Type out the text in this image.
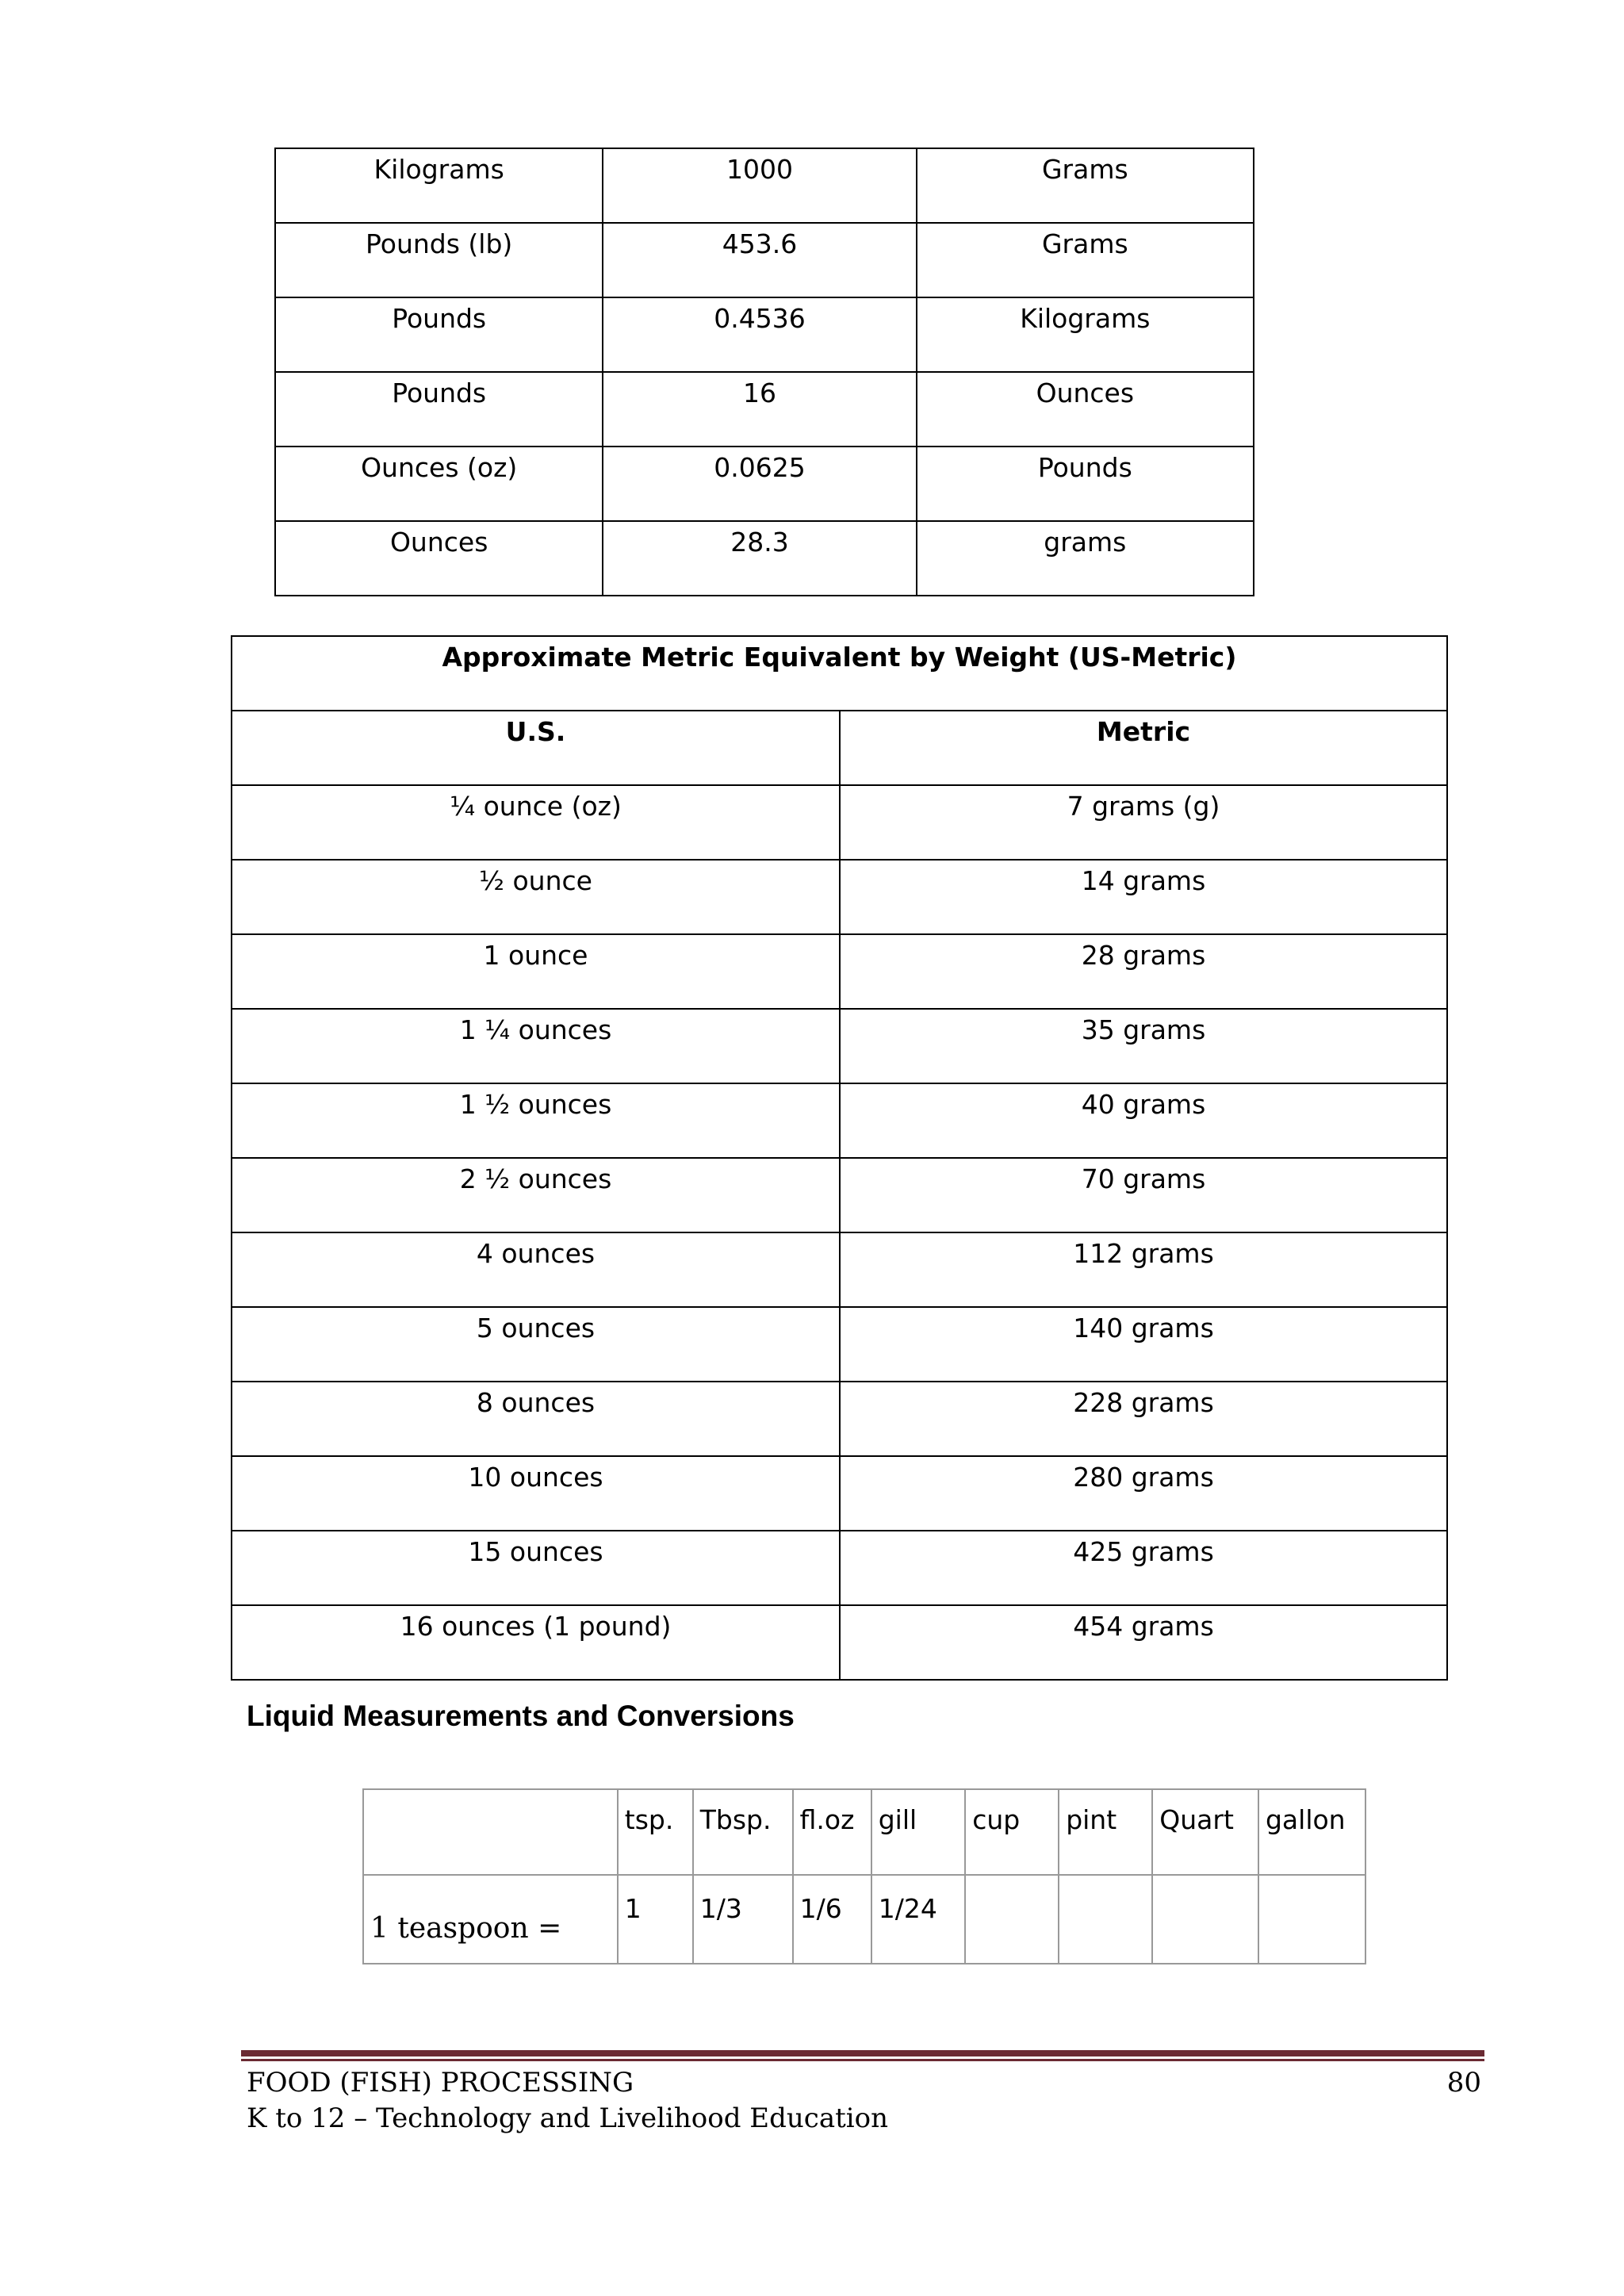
Kilograms	1000	Grams
Pounds (lb)	453.6	Grams
Pounds	0.4536	Kilograms
Pounds	16	Ounces
Ounces (oz)	0.0625	Pounds
Ounces	28.3	grams
Approximate Metric Equivalent by Weight (US-Metric)	
U.S.	Metric
¼ ounce (oz)	7 grams (g)
½ ounce	14 grams
1 ounce	28 grams
1 ¼ ounces	35 grams
1 ½ ounces	40 grams
2 ½ ounces	70 grams
4 ounces	112 grams
5 ounces	140 grams
8 ounces	228 grams
10 ounces	280 grams
15 ounces	425 grams
16 ounces (1 pound)	454 grams
Liquid Measurements and Conversions
	tsp.	Tbsp.	fl.oz	gill	cup	pint	Quart	gallon
1 teaspoon =	1	1/3	1/6	1/24				
FOOD (FISH) PROCESSING
K to 12 – Technology and Livelihood Education
80
